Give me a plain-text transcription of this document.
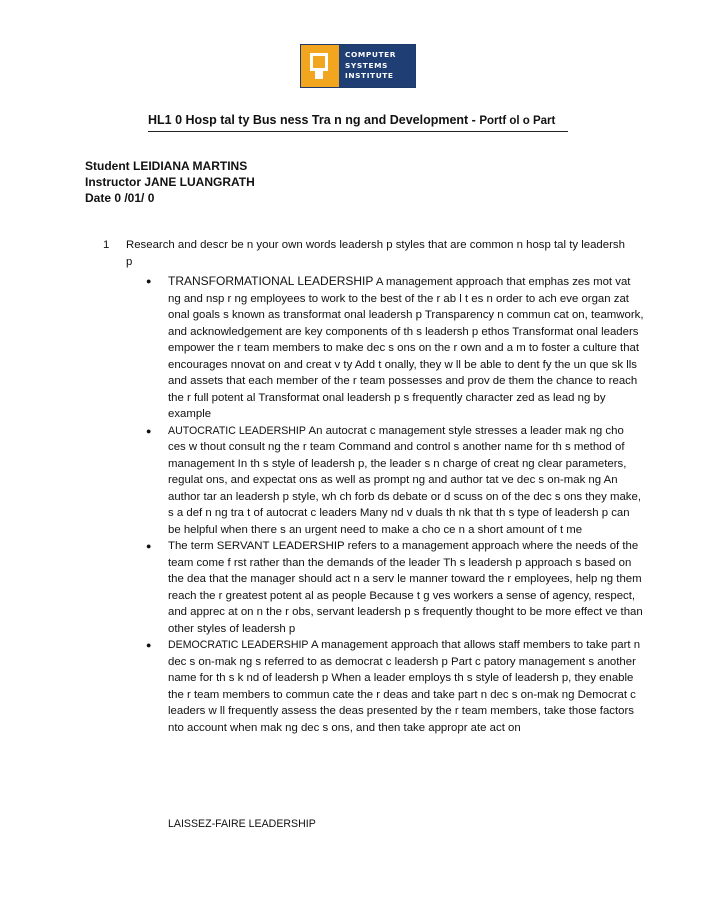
COMPUTER
SYSTEMS
INSTITUTE
HL1 0 Hosp tal ty Bus ness Tra n ng and Development - Portf ol o Part
Student LEIDIANA MARTINS
Instructor JANE LUANGRATH
Date 0 /01/ 0
1 Research and descr be n your own words leadersh p styles that are common n hosp tal ty leadersh p
● TRANSFORMATIONAL LEADERSHIP A management approach that emphas zes mot vat ng and nsp r ng employees to work to the best of the r ab l t es n order to ach eve organ zat onal goals s known as transformat onal leadersh p Transparency n commun cat on, teamwork, and acknowledgement are key components of th s leadersh p ethos Transformat onal leaders empower the r team members to make dec s ons on the r own and a m to foster a culture that encourages nnovat on and creat v ty Add t onally, they w ll be able to dent fy the un que sk lls and assets that each member of the r team possesses and prov de them the chance to reach the r full potent al Transformat onal leadersh p s frequently character zed as lead ng by example
● AUTOCRATIC LEADERSHIP An autocrat c management style stresses a leader mak ng cho ces w thout consult ng the r team Command and control s another name for th s method of management In th s style of leadersh p, the leader s n charge of creat ng clear parameters, regulat ons, and expectat ons as well as prompt ng and author tat ve dec s on-mak ng An author tar an leadersh p style, wh ch forb ds debate or d scuss on of the dec s ons they make, s a def n ng tra t of autocrat c leaders Many nd v duals th nk that th s type of leadersh p can be helpful when there s an urgent need to make a cho ce n a short amount of t me
● The term SERVANT LEADERSHIP refers to a management approach where the needs of the team come f rst rather than the demands of the leader Th s leadersh p approach s based on the dea that the manager should act n a serv le manner toward the r employees, help ng them reach the r greatest potent al as people Because t g ves workers a sense of agency, respect, and apprec at on n the r obs, servant leadersh p s frequently thought to be more effect ve than other styles of leadersh p
● DEMOCRATIC LEADERSHIP A management approach that allows staff members to take part n dec s on-mak ng s referred to as democrat c leadersh p Part c patory management s another name for th s k nd of leadersh p When a leader employs th s style of leadersh p, they enable the r team members to commun cate the r deas and take part n dec s on-mak ng Democrat c leaders w ll frequently assess the deas presented by the r team members, take those factors nto account when mak ng dec s ons, and then take appropr ate act on
LAISSEZ-FAIRE LEADERSHIP
